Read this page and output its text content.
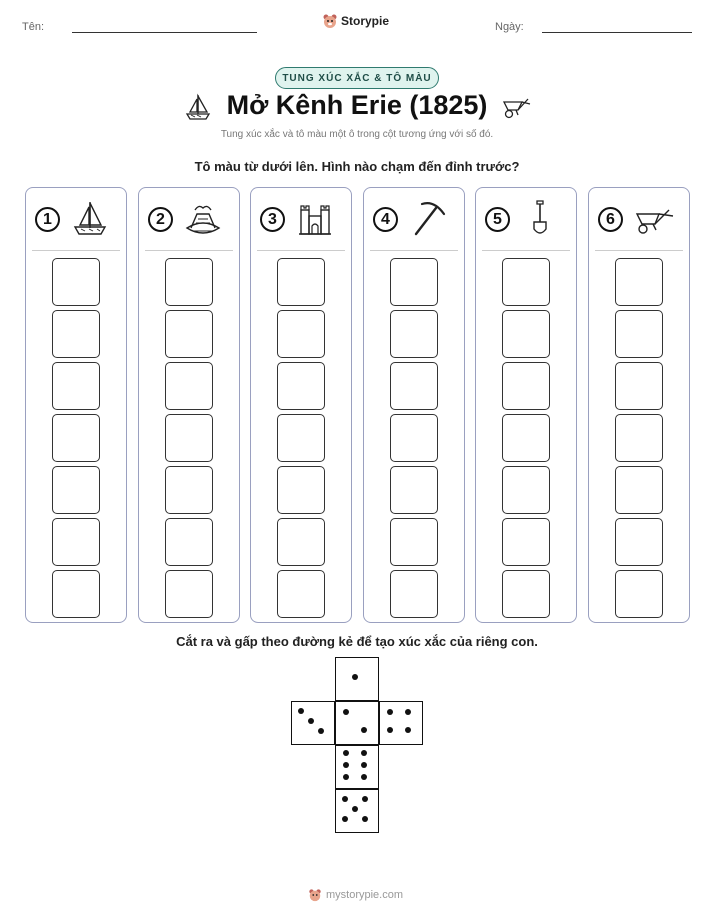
Tên:	Storypie	Ngày:
TUNG XÚC XẮC & TÔ MÀU
Mở Kênh Erie (1825)
Tung xúc xắc và tô màu một ô trong cột tương ứng với số đó.
Tô màu từ dưới lên. Hình nào chạm đến đỉnh trước?
1	2	3	4	5	6
Cắt ra và gấp theo đường kẻ để tạo xúc xắc của riêng con.
mystorypie.com
